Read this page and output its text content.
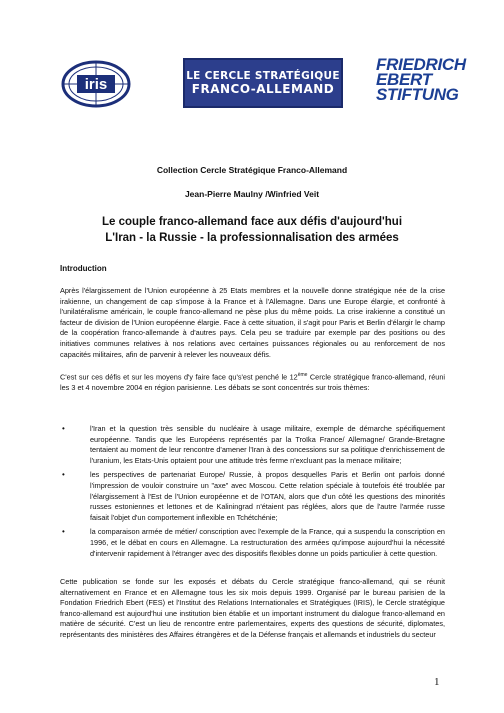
iris	LE CERCLE STRATÉGIQUE
FRANCO-ALLEMAND
FRIEDRICH
EBERT
STIFTUNG
Collection Cercle Stratégique Franco-Allemand
Jean-Pierre Maulny /Winfried Veit
Le couple franco-allemand face aux défis d'aujourd'hui
L'Iran - la Russie - la professionnalisation des armées
Introduction
Après l'élargissement de l'Union européenne à 25 Etats membres et la nouvelle donne stratégique née de la crise irakienne, un changement de cap s'impose à la France et à l'Allemagne. Dans une Europe élargie, et confronté à l'unilatéralisme américain, le couple franco-allemand ne pèse plus du même poids. La crise irakienne a constitué un facteur de division de l'Union européenne élargie. Face à cette situation, il s'agit pour Paris et Berlin d'élargir le champ de la coopération franco-allemande à d'autres pays. Cela peu se traduire par exemple par des positions ou des initiatives communes relatives à nos relations avec certaines puissances régionales ou au renforcement de nos capacités militaires, afin de parvenir à relever les nouveaux défis.
C'est sur ces défis et sur les moyens d'y faire face qu's'est penché le 12ème Cercle stratégique franco-allemand, réuni les 3 et 4 novembre 2004 en région parisienne. Les débats se sont concentrés sur trois thèmes:
•	l'Iran et la question très sensible du nucléaire à usage militaire, exemple de démarche spécifiquement européenne. Tandis que les Européens représentés par la Troïka France/ Allemagne/ Grande-Bretagne tentaient au moment de leur rencontre d'amener l'Iran à des concessions sur sa politique d'enrichissement de l'uranium, les Etats-Unis optaient pour une attitude très ferme n'excluant pas la menace militaire;
•	les perspectives de partenariat Europe/ Russie, à propos desquelles Paris et Berlin ont parfois donné l'impression de vouloir construire un "axe" avec Moscou. Cette relation spéciale à toutefois été troublée par l'élargissement à l'Est de l'Union européenne et de l'OTAN, alors que d'un côté les questions des minorités russes estoniennes et lettones et de Kaliningrad n'étaient pas réglées, alors que de l'autre l'armée russe faisait l'objet d'un comportement inflexible en Tchétchénie;
•	la comparaison armée de métier/ conscription avec l'exemple de la France, qui a suspendu la conscription en 1996, et le débat en cours en Allemagne. La restructuration des armées qu'impose aujourd'hui la nécessité d'intervenir rapidement à l'étranger avec des dispositifs flexibles donne un poids particulier à cette question.
Cette publication se fonde sur les exposés et débats du Cercle stratégique franco-allemand, qui se réunit alternativement en France et en Allemagne tous les six mois depuis 1999. Organisé par le bureau parisien de la Fondation Friedrich Ebert (FES) et l'Institut des Relations Internationales et Stratégiques (IRIS), le Cercle stratégique franco-allemand est aujourd'hui une institution bien établie et un important instrument du dialogue franco-allemand en matière de sécurité. C'est un lieu de rencontre entre parlementaires, experts des questions de sécurité, diplomates, représentants des ministères des Affaires étrangères et de la Défense français et allemands et industriels du secteur
1
